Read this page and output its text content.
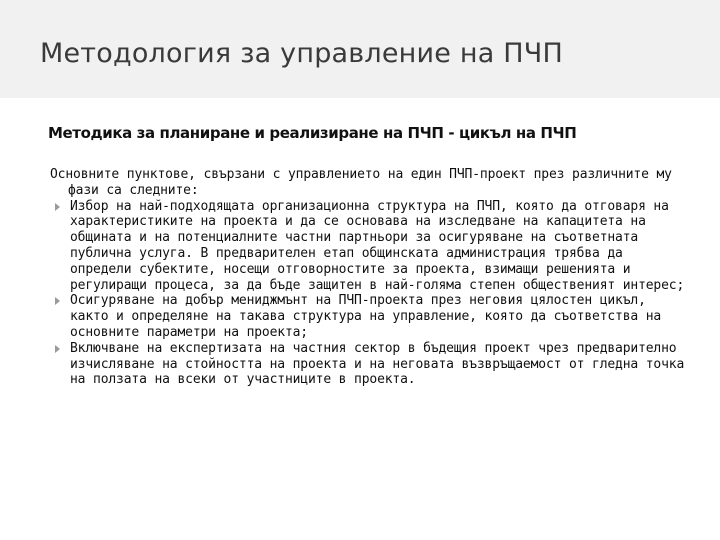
Методология за управление на ПЧП

Методика за планиране и реализиране на ПЧП - цикъл на ПЧП

Основните пунктове, свързани с управлението на един ПЧП-проект през различните му фази са следните:

Избор на най-подходящата организационна структура на ПЧП, която да отговаря на характеристиките на проекта и да се основава на изследване на капацитета на общината и на потенциалните частни партньори за осигуряване на съответната публична услуга. В предварителен етап общинската администрация трябва да определи субектите, носещи отговорностите за проекта, взимащи решенията и регулиращи процеса, за да бъде защитен в най-голяма степен общественият интерес;
Осигуряване на добър мениджмънт на ПЧП-проекта през неговия цялостен цикъл, както и определяне на такава структура на управление, която да съответства на основните параметри на проекта;
Включване на експертизата на частния сектор в бъдещия проект чрез предварително изчисляване на стойността на проекта и на неговата възвръщаемост от гледна точка на ползата на всеки от участниците в проекта.
